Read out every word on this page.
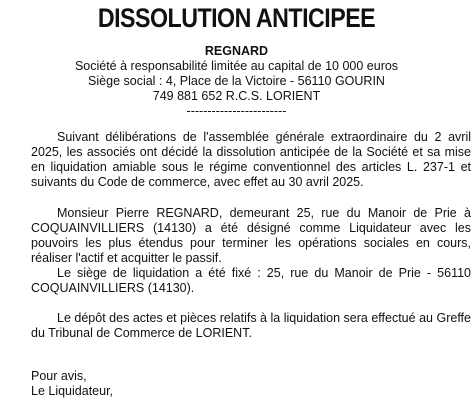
DISSOLUTION ANTICIPEE
REGNARD
Société à responsabilité limitée au capital de 10 000 euros
Siège social : 4, Place de la Victoire - 56110 GOURIN
749 881 652 R.C.S. LORIENT
------------------------

Suivant délibérations de l'assemblée générale extraordinaire du 2 avril 2025, les associés ont décidé la dissolution anticipée de la Société et sa mise en liquidation amiable sous le régime conventionnel des articles L. 237-1 et suivants du Code de commerce, avec effet au 30 avril 2025.

Monsieur Pierre REGNARD, demeurant 25, rue du Manoir de Prie à COQUAINVILLIERS (14130) a été désigné comme Liquidateur avec les pouvoirs les plus étendus pour terminer les opérations sociales en cours, réaliser l'actif et acquitter le passif.

Le siège de liquidation a été fixé : 25, rue du Manoir de Prie - 56110 COQUAINVILLIERS (14130).

Le dépôt des actes et pièces relatifs à la liquidation sera effectué au Greffe du Tribunal de Commerce de LORIENT.

Pour avis,
Le Liquidateur,
